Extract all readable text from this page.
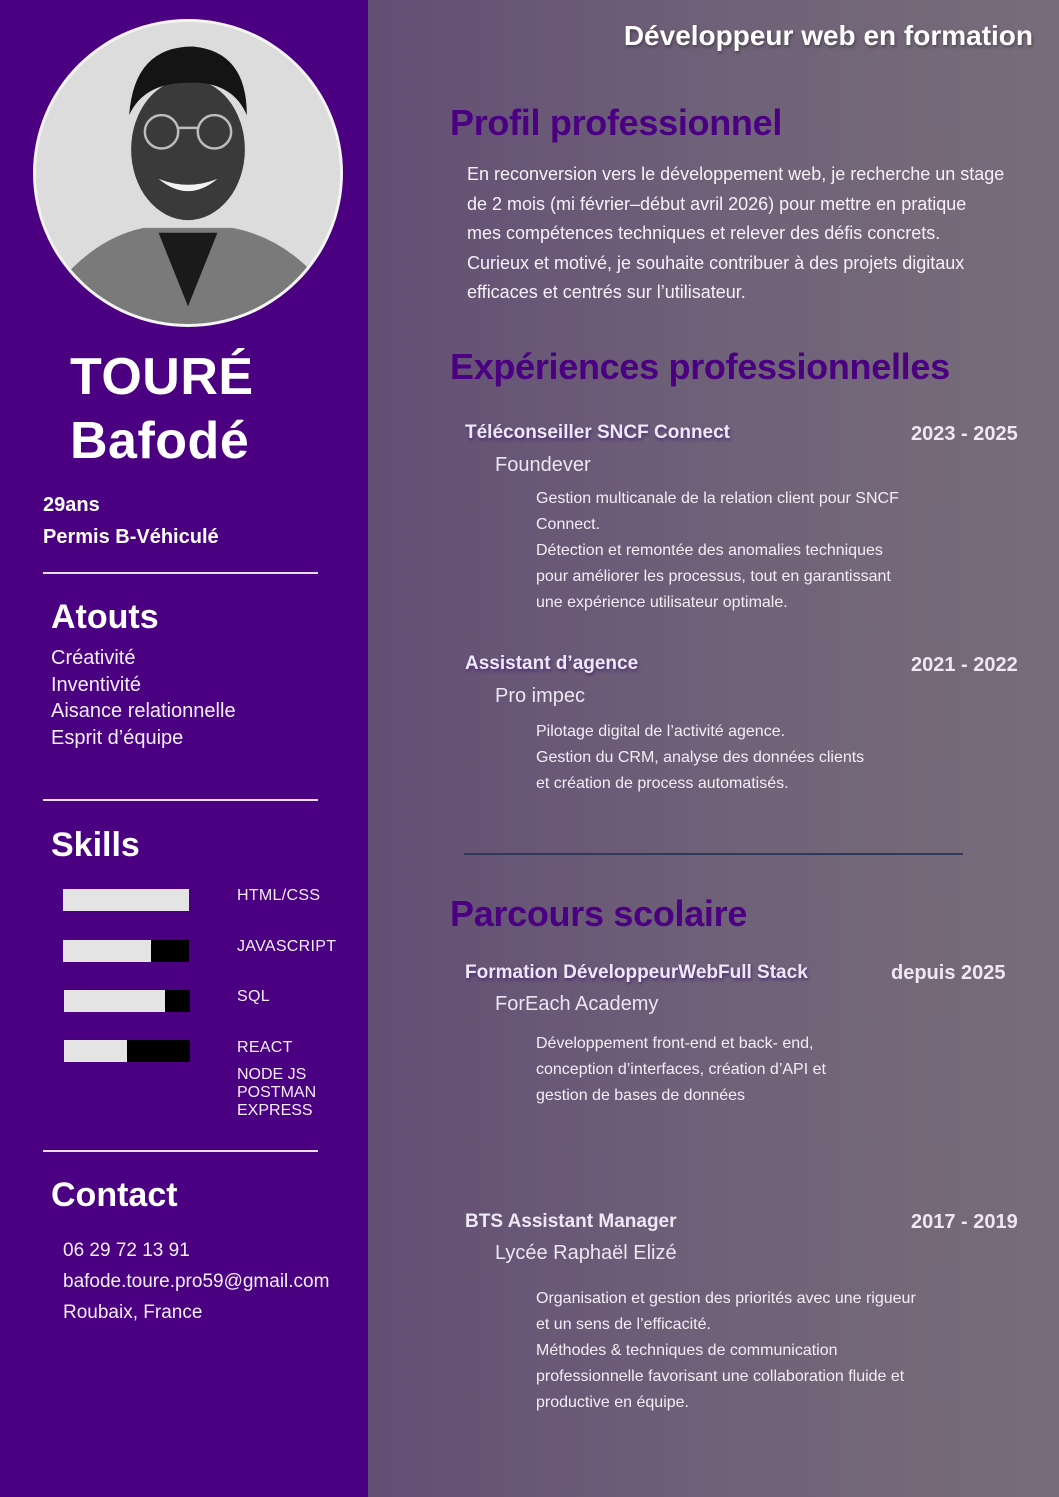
TOURÉ
Bafodé
29ans
Permis B-Véhiculé
Atouts
Créativité
Inventivité
Aisance relationnelle
Esprit d’équipe
Skills
HTML/CSS
JAVASCRIPT
SQL
REACT
NODE JS
POSTMAN
EXPRESS
Contact
06 29 72 13 91
bafode.toure.pro59@gmail.com
Roubaix, France
Développeur web en formation
Profil professionnel
En reconversion vers le développement web, je recherche un stage
de 2 mois (mi février–début avril 2026) pour mettre en pratique
mes compétences techniques et relever des défis concrets.
Curieux et motivé, je souhaite contribuer à des projets digitaux
efficaces et centrés sur l’utilisateur.
Expériences professionnelles
Téléconseiller SNCF Connect	2023 - 2025
Foundever
Gestion multicanale de la relation client pour SNCF
Connect.
Détection et remontée des anomalies techniques
pour améliorer les processus, tout en garantissant
une expérience utilisateur optimale.
Assistant d’agence	2021 - 2022
Pro impec
Pilotage digital de l’activité agence.
Gestion du CRM, analyse des données clients
et création de process automatisés.
Parcours scolaire
Formation DéveloppeurWebFull Stack	depuis 2025
ForEach Academy
Développement front-end et back- end,
conception d’interfaces, création d’API et
gestion de bases de données
BTS Assistant Manager	2017 - 2019
Lycée Raphaël Elizé
Organisation et gestion des priorités avec une rigueur
et un sens de l’efficacité.
Méthodes & techniques de communication
professionnelle favorisant une collaboration fluide et
productive en équipe.
